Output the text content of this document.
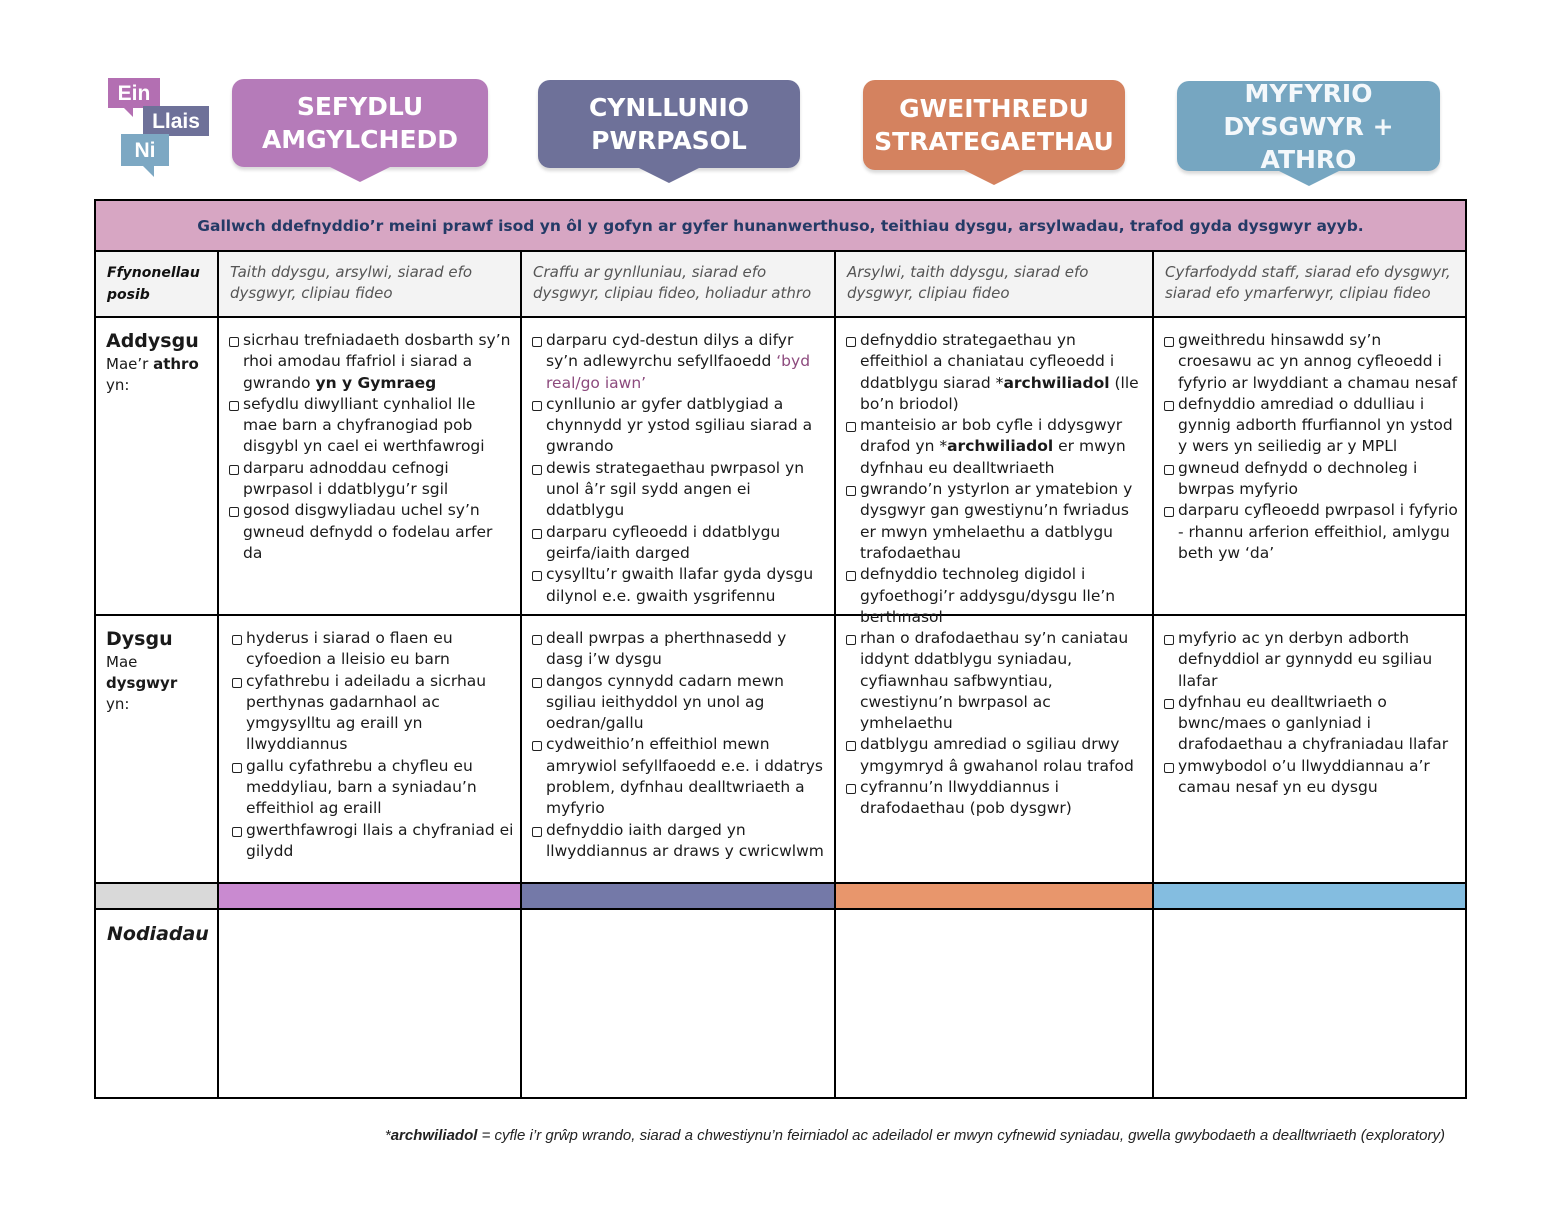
Ein
Llais
Ni
SEFYDLU
AMGYLCHEDD
CYNLLUNIO
PWRPASOL
GWEITHREDU
STRATEGAETHAU
MYFYRIO
DYSGWYR + ATHRO
Gallwch ddefnyddio’r meini prawf isod yn ôl y gofyn ar gyfer hunanwerthuso, teithiau dysgu, arsylwadau, trafod gyda dysgwyr ayyb.
Ffynonellau posib
Taith ddysgu, arsylwi, siarad efo dysgwyr, clipiau fideo
Craffu ar gynlluniau, siarad efo dysgwyr, clipiau fideo, holiadur athro
Arsylwi, taith ddysgu, siarad efo dysgwyr, clipiau fideo
Cyfarfodydd staff, siarad efo dysgwyr, siarad efo ymarferwyr, clipiau fideo
Addysgu
Mae’r athro
yn:
sicrhau trefniadaeth dosbarth sy’n rhoi amodau ffafriol i siarad a gwrando yn y Gymraeg
sefydlu diwylliant cynhaliol lle mae barn a chyfranogiad pob disgybl yn cael ei werthfawrogi
darparu adnoddau cefnogi pwrpasol i ddatblygu’r sgil
gosod disgwyliadau uchel sy’n gwneud defnydd o fodelau arfer da
darparu cyd-destun dilys a difyr sy’n adlewyrchu sefyllfaoedd ‘byd real/go iawn’
cynllunio ar gyfer datblygiad a chynnydd yr ystod sgiliau siarad a gwrando
dewis strategaethau pwrpasol yn unol â’r sgil sydd angen ei ddatblygu
darparu cyfleoedd i ddatblygu geirfa/iaith darged
cysylltu’r gwaith llafar gyda dysgu dilynol e.e. gwaith ysgrifennu
defnyddio strategaethau yn effeithiol a chaniatau cyfleoedd i ddatblygu siarad *archwiliadol (lle bo’n briodol)
manteisio ar bob cyfle i ddysgwyr drafod yn *archwiliadol er mwyn dyfnhau eu dealltwriaeth
gwrando’n ystyrlon ar ymatebion y dysgwyr gan gwestiynu’n fwriadus er mwyn ymhelaethu a datblygu trafodaethau
defnyddio technoleg digidol i gyfoethogi’r addysgu/dysgu lle’n berthnasol
gweithredu hinsawdd sy’n croesawu ac yn annog cyfleoedd i fyfyrio ar lwyddiant a chamau nesaf
defnyddio amrediad o ddulliau i gynnig adborth ffurfiannol yn ystod y wers yn seiliedig ar y MPLl
gwneud defnydd o dechnoleg i bwrpas myfyrio
darparu cyfleoedd pwrpasol i fyfyrio - rhannu arferion effeithiol, amlygu beth yw ‘da’
Dysgu
Mae dysgwyr
yn:
hyderus i siarad o flaen eu cyfoedion a lleisio eu barn
cyfathrebu i adeiladu a sicrhau perthynas gadarnhaol ac ymgysylltu ag eraill yn llwyddiannus
gallu cyfathrebu a chyfleu eu meddyliau, barn a syniadau’n effeithiol ag eraill
gwerthfawrogi llais a chyfraniad ei gilydd
deall pwrpas a pherthnasedd y dasg i’w dysgu
dangos cynnydd cadarn mewn sgiliau ieithyddol yn unol ag oedran/gallu
cydweithio’n effeithiol mewn amrywiol sefyllfaoedd e.e. i ddatrys problem, dyfnhau dealltwriaeth a myfyrio
defnyddio iaith darged yn llwyddiannus ar draws y cwricwlwm
rhan o drafodaethau sy’n caniatau iddynt ddatblygu syniadau, cyfiawnhau safbwyntiau, cwestiynu’n bwrpasol ac ymhelaethu
datblygu amrediad o sgiliau drwy ymgymryd â gwahanol rolau trafod
cyfrannu’n llwyddiannus i drafodaethau (pob dysgwr)
myfyrio ac yn derbyn adborth defnyddiol ar gynnydd eu sgiliau llafar
dyfnhau eu dealltwriaeth o bwnc/maes o ganlyniad i drafodaethau a chyfraniadau llafar
ymwybodol o’u llwyddiannau a’r camau nesaf yn eu dysgu
Nodiadau
*archwiliadol = cyfle i’r grŵp wrando, siarad a chwestiynu’n feirniadol ac adeiladol er mwyn cyfnewid syniadau, gwella gwybodaeth a dealltwriaeth (exploratory)
